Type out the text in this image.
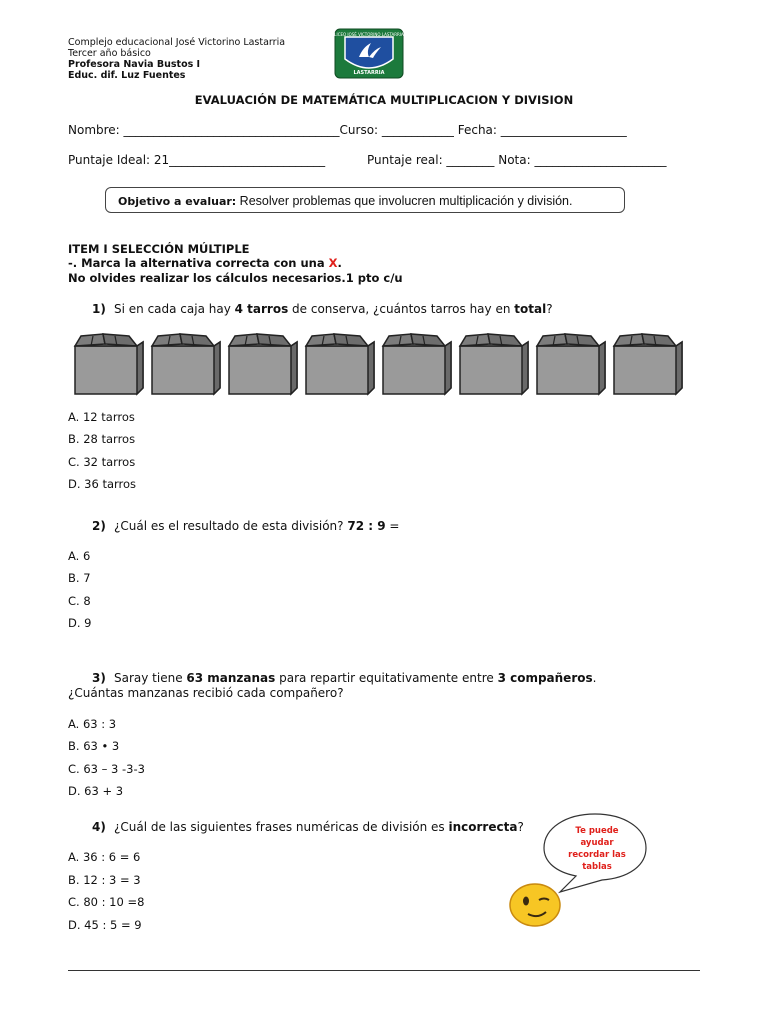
Complejo educacional José Victorino Lastarria
Tercer año básico
Profesora Navia Bustos I
Educ. dif. Luz Fuentes
LICEO JOSÉ VICTORINO LASTARRIA
LASTARRIA
EVALUACIÓN DE MATEMÁTICA MULTIPLICACION Y DIVISION
Nombre: ____________________________________Curso: ____________ Fecha: _____________________
Puntaje Ideal: 21__________________________	Puntaje real: ________ Nota: ______________________
Objetivo a evaluar: Resolver problemas que involucren multiplicación y división.
ITEM I SELECCIÓN MÚLTIPLE
-. Marca la alternativa correcta con una X.
No olvides realizar los cálculos necesarios.1 pto c/u
1) Si en cada caja hay 4 tarros de conserva, ¿cuántos tarros hay en total?
A. 12 tarros
B. 28 tarros
C. 32 tarros
D. 36 tarros
2) ¿Cuál es el resultado de esta división? 72 : 9 =
A. 6
B. 7
C. 8
D. 9
3) Saray tiene 63 manzanas para repartir equitativamente entre 3 compañeros.
¿Cuántas manzanas recibió cada compañero?
A. 63 : 3
B. 63 • 3
C. 63 – 3 -3-3
D. 63 + 3
4) ¿Cuál de las siguientes frases numéricas de división es incorrecta?
A. 36 : 6 = 6
B. 12 : 3 = 3
C. 80 : 10 =8
D. 45 : 5 = 9
Te puede
ayudar
recordar las
tablas
